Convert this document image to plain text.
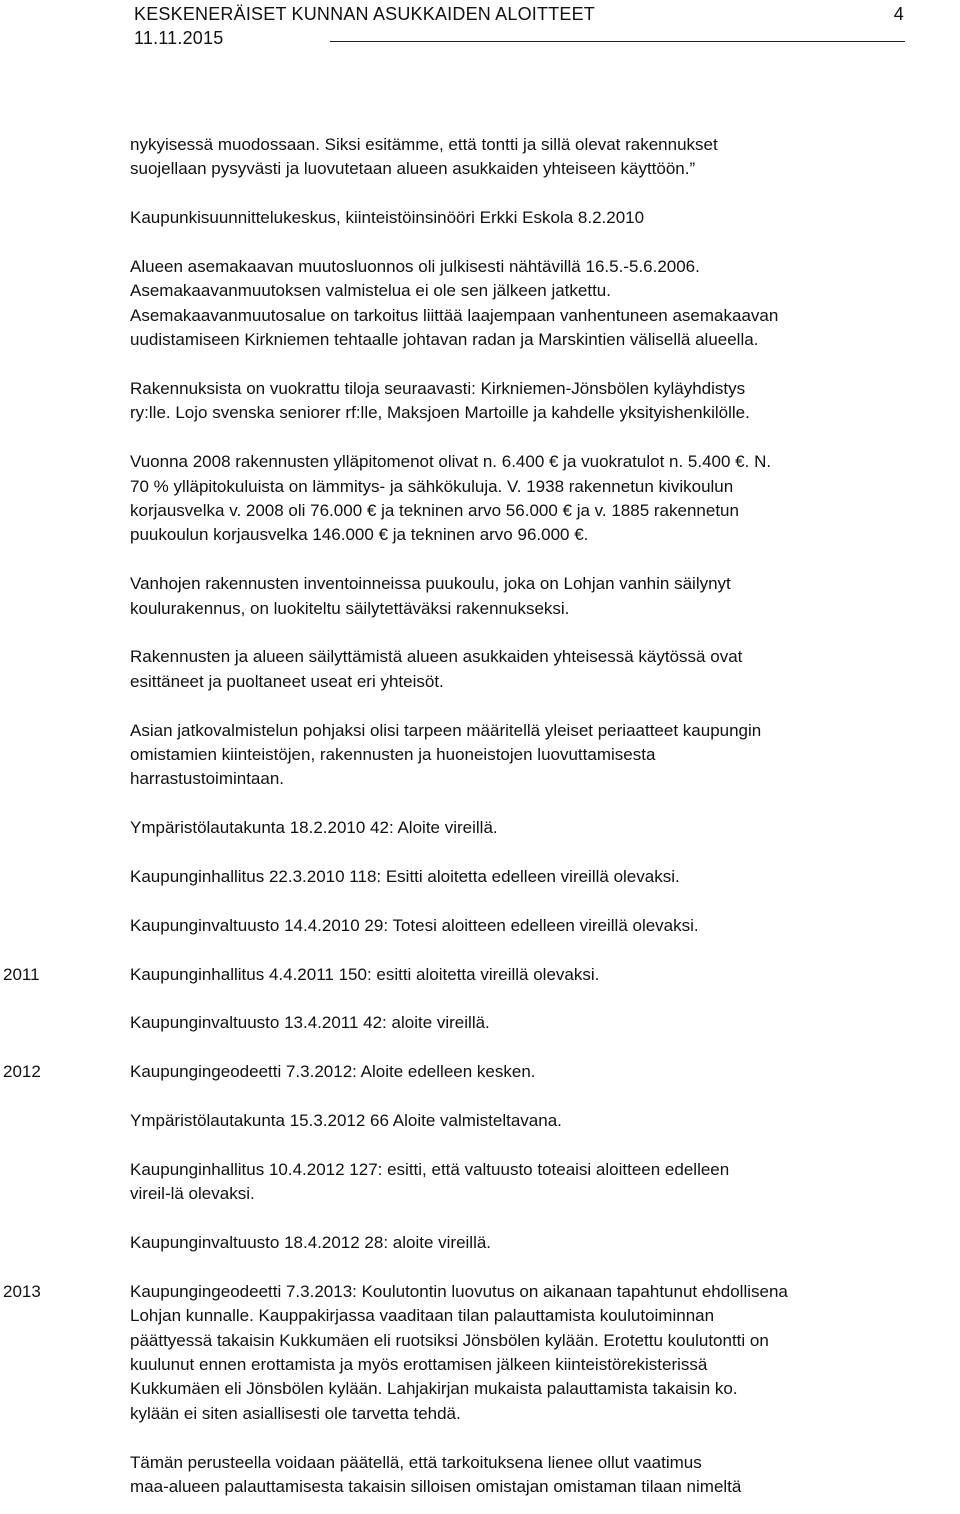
KESKENERÄISET KUNNAN ASUKKAIDEN ALOITTEET	4
11.11.2015
nykyisessä muodossaan. Siksi esitämme, että tontti ja sillä olevat rakennukset
suojellaan pysyvästi ja luovutetaan alueen asukkaiden yhteiseen käyttöön.”
Kaupunkisuunnittelukeskus, kiinteistöinsinööri Erkki Eskola 8.2.2010
Alueen asemakaavan muutosluonnos oli julkisesti nähtävillä 16.5.-5.6.2006.
Asemakaavanmuutoksen valmistelua ei ole sen jälkeen jatkettu.
Asemakaavanmuutosalue on tarkoitus liittää laajempaan vanhentuneen asemakaavan
uudistamiseen Kirkniemen tehtaalle johtavan radan ja Marskintien välisellä alueella.
Rakennuksista on vuokrattu tiloja seuraavasti: Kirkniemen-Jönsbölen kyläyhdistys
ry:lle. Lojo svenska seniorer rf:lle, Maksjoen Martoille ja kahdelle yksityishenkilölle.
Vuonna 2008 rakennusten ylläpitomenot olivat n. 6.400 € ja vuokratulot n. 5.400 €. N.
70 % ylläpitokuluista on lämmitys- ja sähkökuluja. V. 1938 rakennetun kivikoulun
korjausvelka v. 2008 oli 76.000 € ja tekninen arvo 56.000 € ja v. 1885 rakennetun
puukoulun korjausvelka 146.000 € ja tekninen arvo 96.000 €.
Vanhojen rakennusten inventoinneissa puukoulu, joka on Lohjan vanhin säilynyt
koulurakennus, on luokiteltu säilytettäväksi rakennukseksi.
Rakennusten ja alueen säilyttämistä alueen asukkaiden yhteisessä käytössä ovat
esittäneet ja puoltaneet useat eri yhteisöt.
Asian jatkovalmistelun pohjaksi olisi tarpeen määritellä yleiset periaatteet kaupungin
omistamien kiinteistöjen, rakennusten ja huoneistojen luovuttamisesta
harrastustoimintaan.
Ympäristölautakunta 18.2.2010 42: Aloite vireillä.
Kaupunginhallitus 22.3.2010 118: Esitti aloitetta edelleen vireillä olevaksi.
Kaupunginvaltuusto 14.4.2010 29: Totesi aloitteen edelleen vireillä olevaksi.
2011	Kaupunginhallitus 4.4.2011 150: esitti aloitetta vireillä olevaksi.
Kaupunginvaltuusto 13.4.2011 42: aloite vireillä.
2012	Kaupungingeodeetti 7.3.2012: Aloite edelleen kesken.
Ympäristölautakunta 15.3.2012 66 Aloite valmisteltavana.
Kaupunginhallitus 10.4.2012 127: esitti, että valtuusto toteaisi aloitteen edelleen
vireil-lä olevaksi.
Kaupunginvaltuusto 18.4.2012 28: aloite vireillä.
2013	Kaupungingeodeetti 7.3.2013: Koulutontin luovutus on aikanaan tapahtunut ehdollisena
Lohjan kunnalle. Kauppakirjassa vaaditaan tilan palauttamista koulutoiminnan
päättyessä takaisin Kukkumäen eli ruotsiksi Jönsbölen kylään. Erotettu koulutontti on
kuulunut ennen erottamista ja myös erottamisen jälkeen kiinteistörekisterissä
Kukkumäen eli Jönsbölen kylään. Lahjakirjan mukaista palauttamista takaisin ko.
kylään ei siten asiallisesti ole tarvetta tehdä.
Tämän perusteella voidaan päätellä, että tarkoituksena lienee ollut vaatimus
maa-alueen palauttamisesta takaisin silloisen omistajan omistaman tilaan nimeltä
